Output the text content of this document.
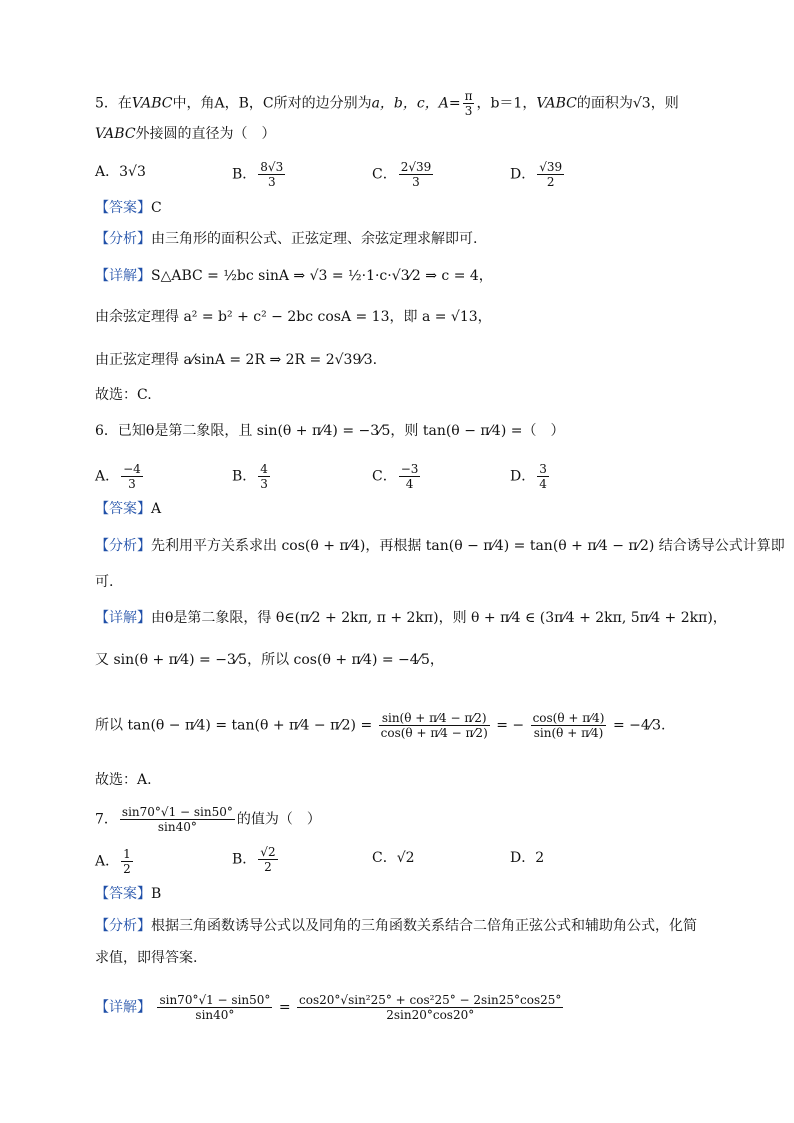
5．在VABC中，角A，B，C所对的边分别为a，b，c，$A= \frac{\pi}{3}$ ，b＝1，VABC的面积为√3，则
VABC外接圆的直径为（　）
A．3√3	B． $\frac{8√3}{3}$	C． $\frac{2√39}{3}$	D． $\frac{√39}{2}$
【答案】C
【分析】由三角形的面积公式、正弦定理、余弦定理求解即可.
【详解】S△ABC = ½bc sinA ⇒ √3 = ½·1·c·√3⁄2 ⇒ c = 4，
由余弦定理得 a² = b² + c² − 2bc cosA = 13，即 a = √13，
由正弦定理得 a⁄sinA = 2R ⇒ 2R = 2√39⁄3.
故选：C.
6．已知θ是第二象限，且 sin(θ + π⁄4) = −3⁄5，则 tan(θ − π⁄4) =（　）
A． $\frac{-4}{3}$	B． $\frac{4}{3}$	C． $\frac{-3}{4}$	D． $\frac{3}{4}$
【答案】A
【分析】先利用平方关系求出 cos(θ + π⁄4)，再根据 tan(θ − π⁄4) = tan(θ + π⁄4 − π⁄2) 结合诱导公式计算即
可.
【详解】由θ是第二象限，得 θ∈(π⁄2 + 2kπ, π + 2kπ)，则 θ + π⁄4 ∈ (3π⁄4 + 2kπ, 5π⁄4 + 2kπ)，
又 sin(θ + π⁄4) = −3⁄5，所以 cos(θ + π⁄4) = −4⁄5，
所以 tan(θ − π⁄4) = tan(θ + π⁄4 − π⁄2) = $\frac{\sin(\theta + \pi⁄4 - \pi⁄2)}{\cos(\theta + \pi⁄4 - \pi⁄2)}$ = − $\frac{\cos(\theta + \pi⁄4)}{\sin(\theta + \pi⁄4)}$ = −4⁄3.
故选：A.
7． $\frac{\sin 70^\circ√1 - \sin 50^\circ}{\sin 40^\circ}$ 的值为（　）
A． $\frac{1}{2}$	B． $\frac{√2}{2}$	C．√2	D．2
【答案】B
【分析】根据三角函数诱导公式以及同角的三角函数关系结合二倍角正弦公式和辅助角公式，化简
求值，即得答案.
【详解】 $\frac{\sin 70^\circ√1 - \sin 50^\circ}{\sin 40^\circ} = \frac{\text{cos20°√sin²25° + cos²25° − 2sin25°cos25°}}{2\sin 20^\circ\cos 20^\circ}$
